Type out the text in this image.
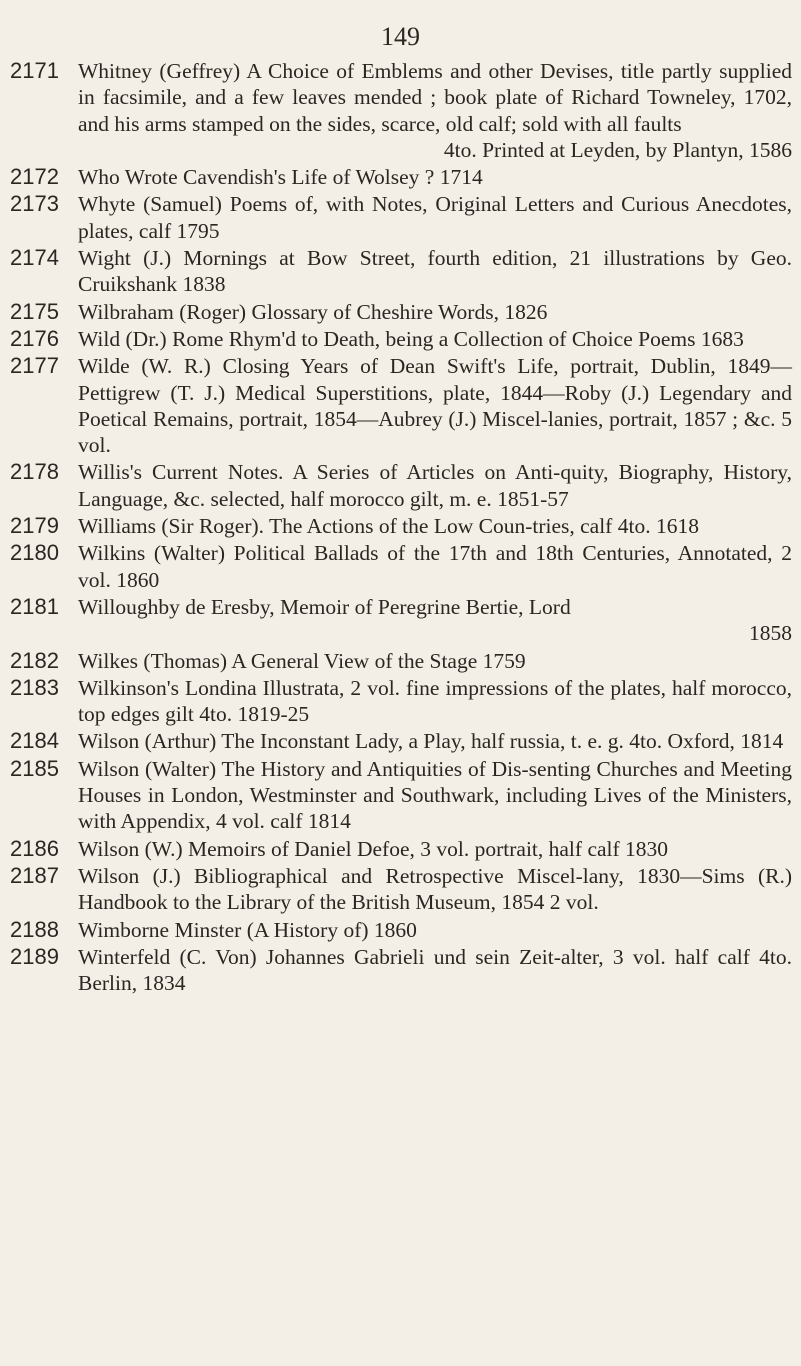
149
2171 Whitney (Geffrey) A Choice of Emblems and other Devises, title partly supplied in facsimile, and a few leaves mended ; book plate of Richard Towneley, 1702, and his arms stamped on the sides, scarce, old calf; sold with all faults
4to. Printed at Leyden, by Plantyn, 1586
2172 Who Wrote Cavendish's Life of Wolsey ? 1714
2173 Whyte (Samuel) Poems of, with Notes, Original Letters and Curious Anecdotes, plates, calf 1795
2174 Wight (J.) Mornings at Bow Street, fourth edition, 21 illustrations by Geo. Cruikshank 1838
2175 Wilbraham (Roger) Glossary of Cheshire Words, 1826
2176 Wild (Dr.) Rome Rhym'd to Death, being a Collection of Choice Poems 1683
2177 Wilde (W. R.) Closing Years of Dean Swift's Life, portrait, Dublin, 1849—Pettigrew (T. J.) Medical Superstitions, plate, 1844—Roby (J.) Legendary and Poetical Remains, portrait, 1854—Aubrey (J.) Miscel-lanies, portrait, 1857 ; &c. 5 vol.
2178 Willis's Current Notes. A Series of Articles on Anti-quity, Biography, History, Language, &c. selected, half morocco gilt, m. e. 1851-57
2179 Williams (Sir Roger). The Actions of the Low Coun-tries, calf 4to. 1618
2180 Wilkins (Walter) Political Ballads of the 17th and 18th Centuries, Annotated, 2 vol. 1860
2181 Willoughby de Eresby, Memoir of Peregrine Bertie, Lord
1858
2182 Wilkes (Thomas) A General View of the Stage 1759
2183 Wilkinson's Londina Illustrata, 2 vol. fine impressions of the plates, half morocco, top edges gilt 4to. 1819-25
2184 Wilson (Arthur) The Inconstant Lady, a Play, half russia, t. e. g. 4to. Oxford, 1814
2185 Wilson (Walter) The History and Antiquities of Dis-senting Churches and Meeting Houses in London, Westminster and Southwark, including Lives of the Ministers, with Appendix, 4 vol. calf 1814
2186 Wilson (W.) Memoirs of Daniel Defoe, 3 vol. portrait, half calf 1830
2187 Wilson (J.) Bibliographical and Retrospective Miscel-lany, 1830—Sims (R.) Handbook to the Library of the British Museum, 1854 2 vol.
2188 Wimborne Minster (A History of) 1860
2189 Winterfeld (C. Von) Johannes Gabrieli und sein Zeit-alter, 3 vol. half calf 4to. Berlin, 1834
